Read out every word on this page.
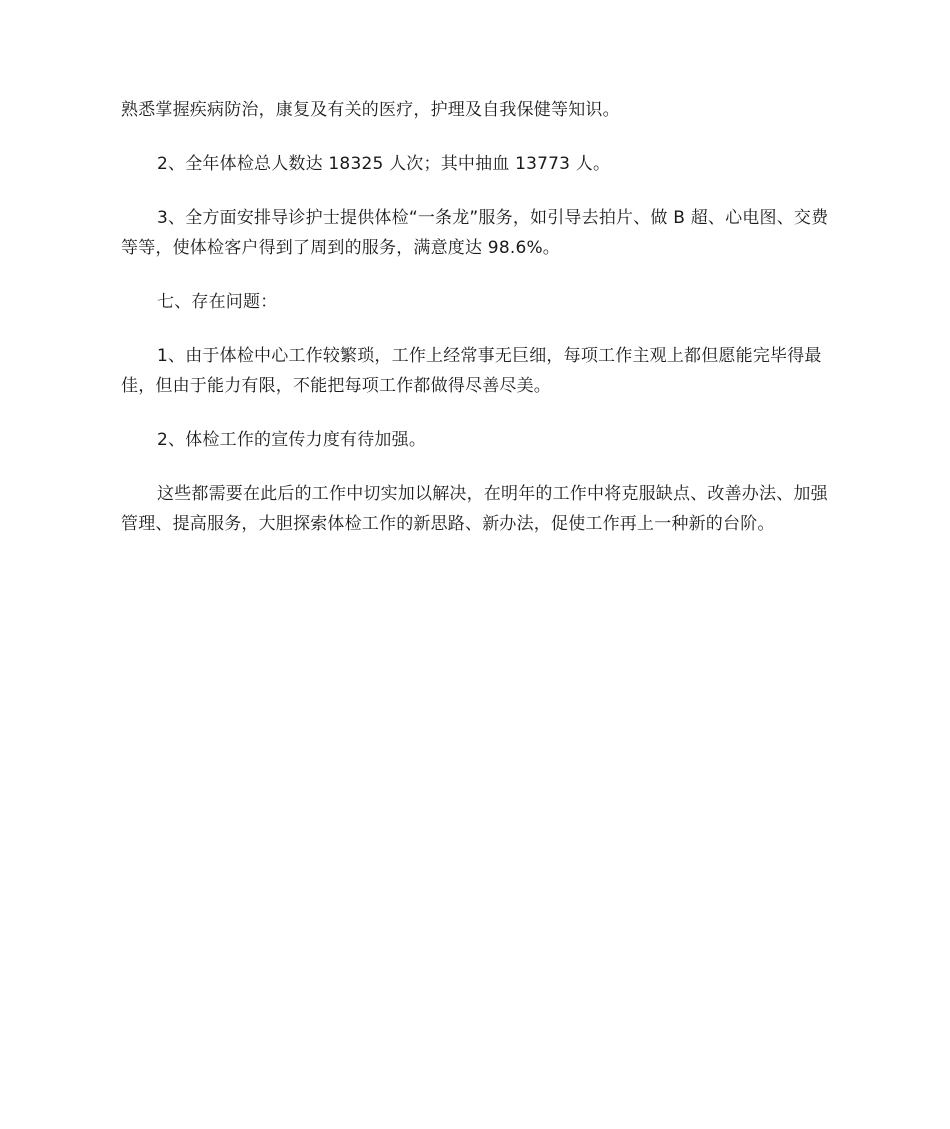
熟悉掌握疾病防治，康复及有关的医疗，护理及自我保健等知识。

2、全年体检总人数达 18325 人次；其中抽血 13773 人。

3、全方面安排导诊护士提供体检“一条龙”服务，如引导去拍片、做 B 超、心电图、交费等等，使体检客户得到了周到的服务，满意度达 98.6%。

七、存在问题：

1、由于体检中心工作较繁琐，工作上经常事无巨细，每项工作主观上都但愿能完毕得最佳，但由于能力有限，不能把每项工作都做得尽善尽美。

2、体检工作的宣传力度有待加强。

这些都需要在此后的工作中切实加以解决，在明年的工作中将克服缺点、改善办法、加强管理、提高服务，大胆探索体检工作的新思路、新办法，促使工作再上一种新的台阶。
